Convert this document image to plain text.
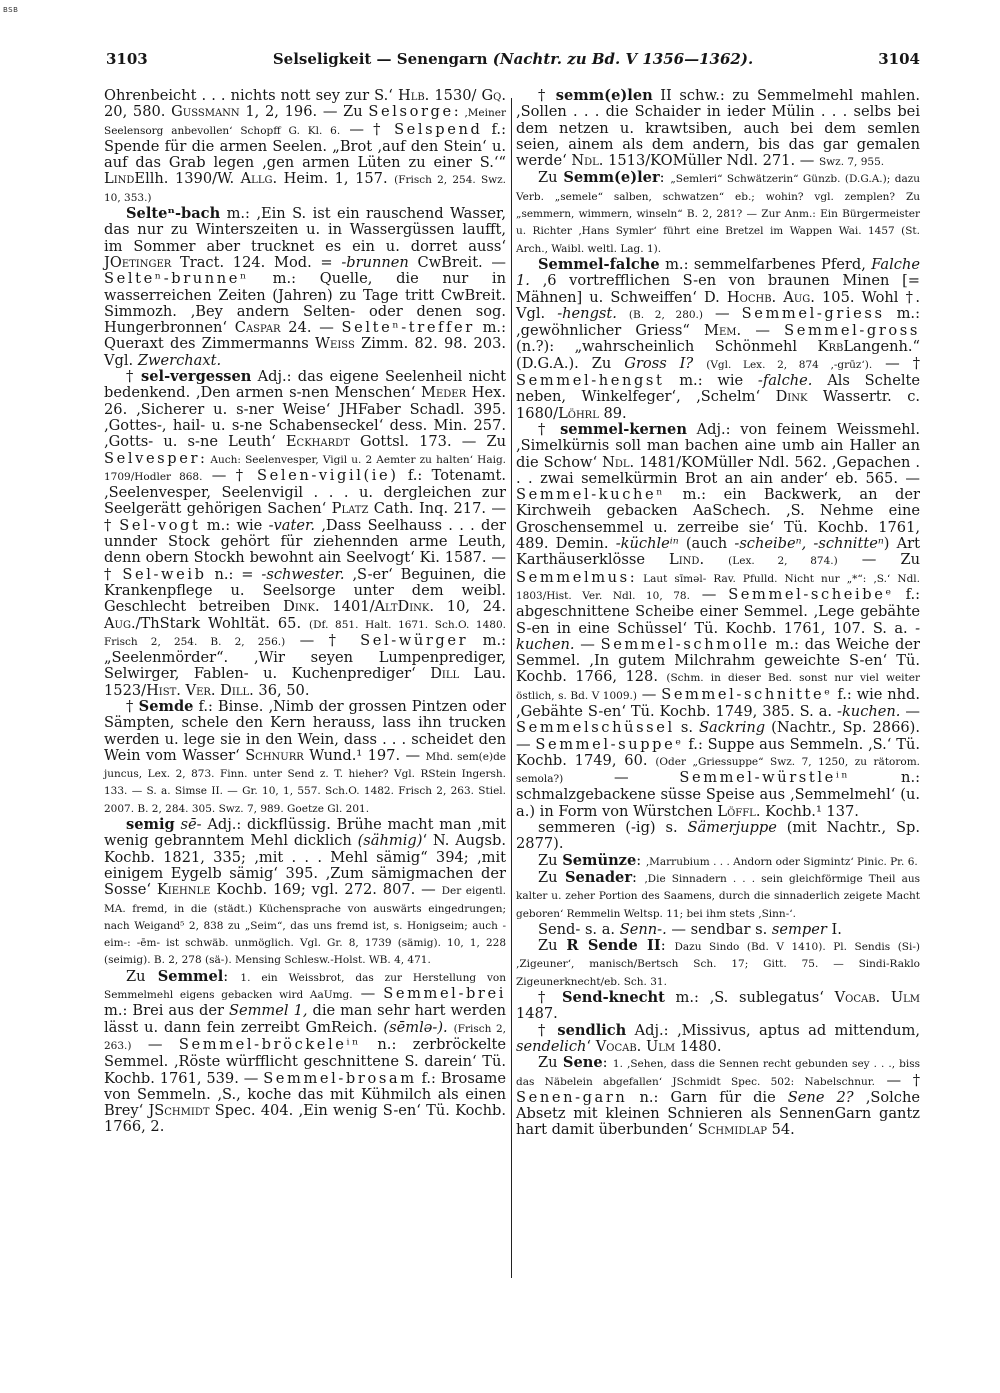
BSB
3103	Selseligkeit — Senengarn (Nachtr. zu Bd. V 1356—1362).	3104

Ohrenbeicht . . . nichts nott sey zur S.‘ Hlb. 1530/ Gq. 20, 580. Gussmann 1, 2, 196. — Zu Selsorge: ‚Meiner Seelensorg anbevollen‘ Schopff G. Kl. 6. — † Selspend f.: Spende für die armen Seelen. „Brot ‚auf den Stein‘ u. auf das Grab legen ‚gen armen Lüten zu einer S.‘“ LindEllh. 1390/W. Allg. Heim. 1, 157. (Frisch 2, 254. Swz. 10, 353.)

Selteⁿ-bach m.: ‚Ein S. ist ein rauschend Wasser, das nur zu Winterszeiten u. in Wassergüssen laufft, im Sommer aber trucknet es ein u. dorret auss‘ JOetinger Tract. 124. Mod. = -brunnen CwBreit. — Selteⁿ-brunneⁿ m.: Quelle, die nur in wasserreichen Zeiten (Jahren) zu Tage tritt CwBreit. Simmozh. ‚Bey andern Selten- oder denen sog. Hungerbronnen‘ Caspar 24. — Selteⁿ-treffer m.: Queraxt des Zimmermanns Weiss Zimm. 82. 98. 203. Vgl. Zwerchaxt.

† sel-vergessen Adj.: das eigene Seelenheil nicht bedenkend. ‚Den armen s-nen Menschen‘ Meder Hex. 26. ‚Sicherer u. s-ner Weise‘ JHFaber Schadl. 395. ‚Gottes-, hail- u. s-ne Schabenseckel‘ dess. Min. 257. ‚Gotts- u. s-ne Leuth‘ Eckhardt Gottsl. 173. — Zu Selvesper: Auch: Seelenvesper, Vigil u. 2 Aemter zu halten‘ Haig. 1709/Hodler 868. — † Selen-vigil(ie) f.: Totenamt. ‚Seelenvesper, Seelenvigil . . . u. dergleichen zur Seelgerätt gehörigen Sachen‘ Platz Cath. Inq. 217. — † Sel-vogt m.: wie -vater. ‚Dass Seelhauss . . . der unnder Stock gehört für ziehennden arme Leuth, denn obern Stockh bewohnt ain Seelvogt‘ Ki. 1587. — † Sel-weib n.: = -schwester. ‚S-er‘ Beguinen, die Krankenpflege u. Seelsorge unter dem weibl. Geschlecht betreiben Dink. 1401/AltDink. 10, 24. Aug./ThStark Wohltät. 65. (Df. 851. Halt. 1671. Sch.O. 1480. Frisch 2, 254. B. 2, 256.) — † Sel-würger m.: „Seelenmörder“. ‚Wir seyen Lumpenprediger, Selwirger, Fablen- u. Kuchenprediger‘ Dill Lau. 1523/Hist. Ver. Dill. 36, 50.

† Semde f.: Binse. ‚Nimb der grossen Pintzen oder Sämpten, schele den Kern herauss, lass ihn trucken werden u. lege sie in den Wein, dass . . . scheidet den Wein vom Wasser‘ Schnurr Wund.¹ 197. — Mhd. sem(e)de juncus, Lex. 2, 873. Finn. unter Send z. T. hieher? Vgl. RStein Ingersh. 133. — S. a. Simse II. — Gr. 10, 1, 557. Sch.O. 1482. Frisch 2, 263. Stiel. 2007. B. 2, 284. 305. Swz. 7, 989. Goetze Gl. 201.

semig sē- Adj.: dickflüssig. Brühe macht man ‚mit wenig gebranntem Mehl dicklich (sähmig)‘ N. Augsb. Kochb. 1821, 335; ‚mit . . . Mehl sämig“ 394; ‚mit einigem Eygelb sämig‘ 395. ‚Zum sämigmachen der Sosse‘ Kiehnle Kochb. 169; vgl. 272. 807. — Der eigentl. MA. fremd, in die (städt.) Küchensprache von auswärts eingedrungen; nach Weigand⁵ 2, 838 zu „Seim“, das uns fremd ist, s. Honigseim; auch -eim-: -ēm- ist schwäb. unmöglich. Vgl. Gr. 8, 1739 (sämig). 10, 1, 228 (seimig). B. 2, 278 (sä-). Mensing Schlesw.-Holst. WB. 4, 471.

Zu Semmel: 1. ein Weissbrot, das zur Herstellung von Semmelmehl eigens gebacken wird AaUmg. — Semmel-brei m.: Brei aus der Semmel 1, die man sehr hart werden lässt u. dann fein zerreibt GmReich. (sēmlə-). (Frisch 2, 263.) — Semmel-bröckeleⁱⁿ n.: zerbröckelte Semmel. ‚Röste würfflicht geschnittene S. darein‘ Tü. Kochb. 1761, 539. — Semmel-brosam f.: Brosame von Semmeln. ‚S., koche das mit Kühmilch als einen Brey‘ JSchmidt Spec. 404. ‚Ein wenig S-en‘ Tü. Kochb. 1766, 2.

† semm(e)len II schw.: zu Semmelmehl mahlen. ‚Sollen . . . die Schaider in ieder Mülin . . . selbs bei dem netzen u. krawtsiben, auch bei dem semlen seien, ainem als dem andern, bis das gar gemalen werde‘ Ndl. 1513/KOMüller Ndl. 271. — Swz. 7, 955.

Zu Semm(e)ler: „Semleri“ Schwätzerin“ Günzb. (D.G.A.); dazu Verb. „semele“ salben, schwatzen“ eb.; wohin? vgl. zemplen? Zu „semmern, wimmern, winseln“ B. 2, 281? — Zur Anm.: Ein Bürgermeister u. Richter ‚Hans Symler‘ führt eine Bretzel im Wappen Wai. 1457 (St. Arch., Waibl. weltl. Lag. 1).

Semmel-falche m.: semmelfarbenes Pferd, Falche 1. ‚6 vortrefflichen S-en von braunen Minen [= Mähnen] u. Schweiffen‘ D. Hochb. Aug. 105. Wohl †. Vgl. -hengst. (B. 2, 280.) — Semmel-griess m.: ‚gewöhnlicher Griess“ Mem. — Semmel-gross (n.?): „wahrscheinlich Schönmehl KrbLangenh.“ (D.G.A.). Zu Gross I? (Vgl. Lex. 2, 874 ‚-grūz‘). — † Semmel-hengst m.: wie -falche. Als Schelte neben, Winkelfeger‘, ‚Schelm‘ Dink Wassertr. c. 1680/Löhrl 89.

† semmel-kernen Adj.: von feinem Weissmehl. ‚Simelkürnis soll man bachen aine umb ain Haller an die Schow‘ Ndl. 1481/KOMüller Ndl. 562. ‚Gepachen . . . zwai semelkürmin Brot an ain ander‘ eb. 565. — Semmel-kucheⁿ m.: ein Backwerk, an der Kirchweih gebacken AaSchech. ‚S. Nehme eine Groschensemmel u. zerreibe sie‘ Tü. Kochb. 1761, 489. Demin. -küchleⁱⁿ (auch -scheibeⁿ, -schnitteⁿ) Art Karthäuserklösse Lind. (Lex. 2, 874.) — Zu Semmelmus: Laut sīməl- Rav. Pfulld. Nicht nur „*“: ‚S.‘ Ndl. 1803/Hist. Ver. Ndl. 10, 78. — Semmel-scheibeᵉ f.: abgeschnittene Scheibe einer Semmel. ‚Lege gebähte S-en in eine Schüssel‘ Tü. Kochb. 1761, 107. S. a. -kuchen. — Semmel-schmolle m.: das Weiche der Semmel. ‚In gutem Milchrahm geweichte S-en‘ Tü. Kochb. 1766, 128. (Schm. in dieser Bed. sonst nur viel weiter östlich, s. Bd. V 1009.) — Semmel-schnitteᵉ f.: wie nhd. ‚Gebähte S-en‘ Tü. Kochb. 1749, 385. S. a. -kuchen. — Semmelschüssel s. Sackring (Nachtr., Sp. 2866). — Semmel-suppeᵉ f.: Suppe aus Semmeln. ‚S.‘ Tü. Kochb. 1749, 60. (Oder „Griessuppe“ Swz. 7, 1250, zu rätorom. semola?) — Semmel-würstleⁱⁿ n.: schmalzgebackene süsse Speise aus ‚Semmelmehl‘ (u. a.) in Form von Würstchen Löffl. Kochb.¹ 137.

semmeren (-ig) s. Sämerjuppe (mit Nachtr., Sp. 2877).

Zu Semünze: ‚Marrubium . . . Andorn oder Sigmintz‘ Pinic. Pr. 6.

Zu Senader: ‚Die Sinnadern . . . sein gleichförmige Theil aus kalter u. zeher Portion des Saamens, durch die sinnaderlich zeigete Macht geboren‘ Remmelin Weltsp. 11; bei ihm stets ‚Sinn-‘.

Send- s. a. Senn-. — sendbar s. semper I.

Zu R Sende II: Dazu Sindo (Bd. V 1410). Pl. Sendis (Si-) ‚Zigeuner‘, manisch/Bertsch Sch. 17; Gitt. 75. — Sindi-Raklo Zigeunerknecht/eb. Sch. 31.

† Send-knecht m.: ‚S. sublegatus‘ Vocab. Ulm 1487.

† sendlich Adj.: ‚Missivus, aptus ad mittendum, sendelich‘ Vocab. Ulm 1480.

Zu Sene: 1. ‚Sehen, dass die Sennen recht gebunden sey . . ., biss das Näbelein abgefallen‘ JSchmidt Spec. 502: Nabelschnur. — † Senen-garn n.: Garn für die Sene 2? ‚Solche Absetz mit kleinen Schnieren als SennenGarn gantz hart damit überbunden‘ Schmidlap 54.
